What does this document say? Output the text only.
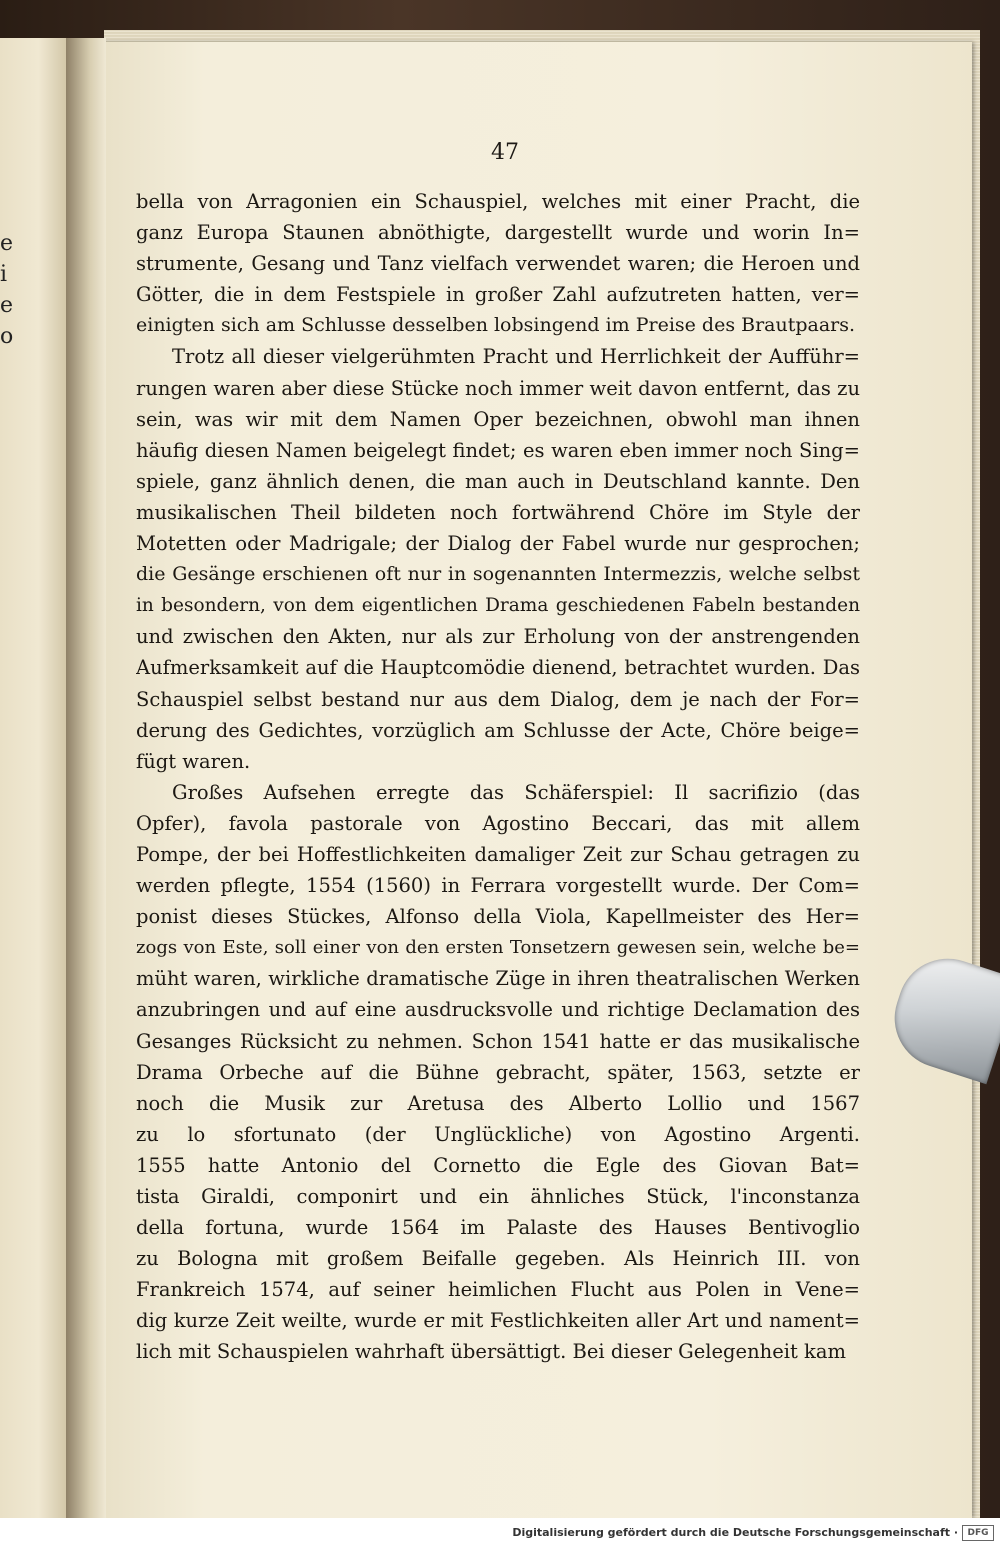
e
i
e
o
47
bella von Arragonien ein Schauspiel, welches mit einer Pracht, die
ganz Europa Staunen abnöthigte, dargestellt wurde und worin In=
strumente, Gesang und Tanz vielfach verwendet waren; die Heroen und
Götter, die in dem Festspiele in großer Zahl aufzutreten hatten, ver=
einigten sich am Schlusse desselben lobsingend im Preise des Brautpaars.
Trotz all dieser vielgerühmten Pracht und Herrlichkeit der Aufführ=
rungen waren aber diese Stücke noch immer weit davon entfernt, das zu
sein, was wir mit dem Namen Oper bezeichnen, obwohl man ihnen
häufig diesen Namen beigelegt findet; es waren eben immer noch Sing=
spiele, ganz ähnlich denen, die man auch in Deutschland kannte. Den
musikalischen Theil bildeten noch fortwährend Chöre im Style der
Motetten oder Madrigale; der Dialog der Fabel wurde nur gesprochen;
die Gesänge erschienen oft nur in sogenannten Intermezzis, welche selbst
in besondern, von dem eigentlichen Drama geschiedenen Fabeln bestanden
und zwischen den Akten, nur als zur Erholung von der anstrengenden
Aufmerksamkeit auf die Hauptcomödie dienend, betrachtet wurden. Das
Schauspiel selbst bestand nur aus dem Dialog, dem je nach der For=
derung des Gedichtes, vorzüglich am Schlusse der Acte, Chöre beige=
fügt waren.
Großes Aufsehen erregte das Schäferspiel: Il sacrifizio (das
Opfer), favola pastorale von Agostino Beccari, das mit allem
Pompe, der bei Hoffestlichkeiten damaliger Zeit zur Schau getragen zu
werden pflegte, 1554 (1560) in Ferrara vorgestellt wurde. Der Com=
ponist dieses Stückes, Alfonso della Viola, Kapellmeister des Her=
zogs von Este, soll einer von den ersten Tonsetzern gewesen sein, welche be=
müht waren, wirkliche dramatische Züge in ihren theatralischen Werken
anzubringen und auf eine ausdrucksvolle und richtige Declamation des
Gesanges Rücksicht zu nehmen. Schon 1541 hatte er das musikalische
Drama Orbeche auf die Bühne gebracht, später, 1563, setzte er
noch die Musik zur Aretusa des Alberto Lollio und 1567
zu lo sfortunato (der Unglückliche) von Agostino Argenti.
1555 hatte Antonio del Cornetto die Egle des Giovan Bat=
tista Giraldi, componirt und ein ähnliches Stück, l'inconstanza
della fortuna, wurde 1564 im Palaste des Hauses Bentivoglio
zu Bologna mit großem Beifalle gegeben. Als Heinrich III. von
Frankreich 1574, auf seiner heimlichen Flucht aus Polen in Vene=
dig kurze Zeit weilte, wurde er mit Festlichkeiten aller Art und nament=
lich mit Schauspielen wahrhaft übersättigt. Bei dieser Gelegenheit kam
Digitalisierung gefördert durch die Deutsche Forschungsgemeinschaft ·	DFG
